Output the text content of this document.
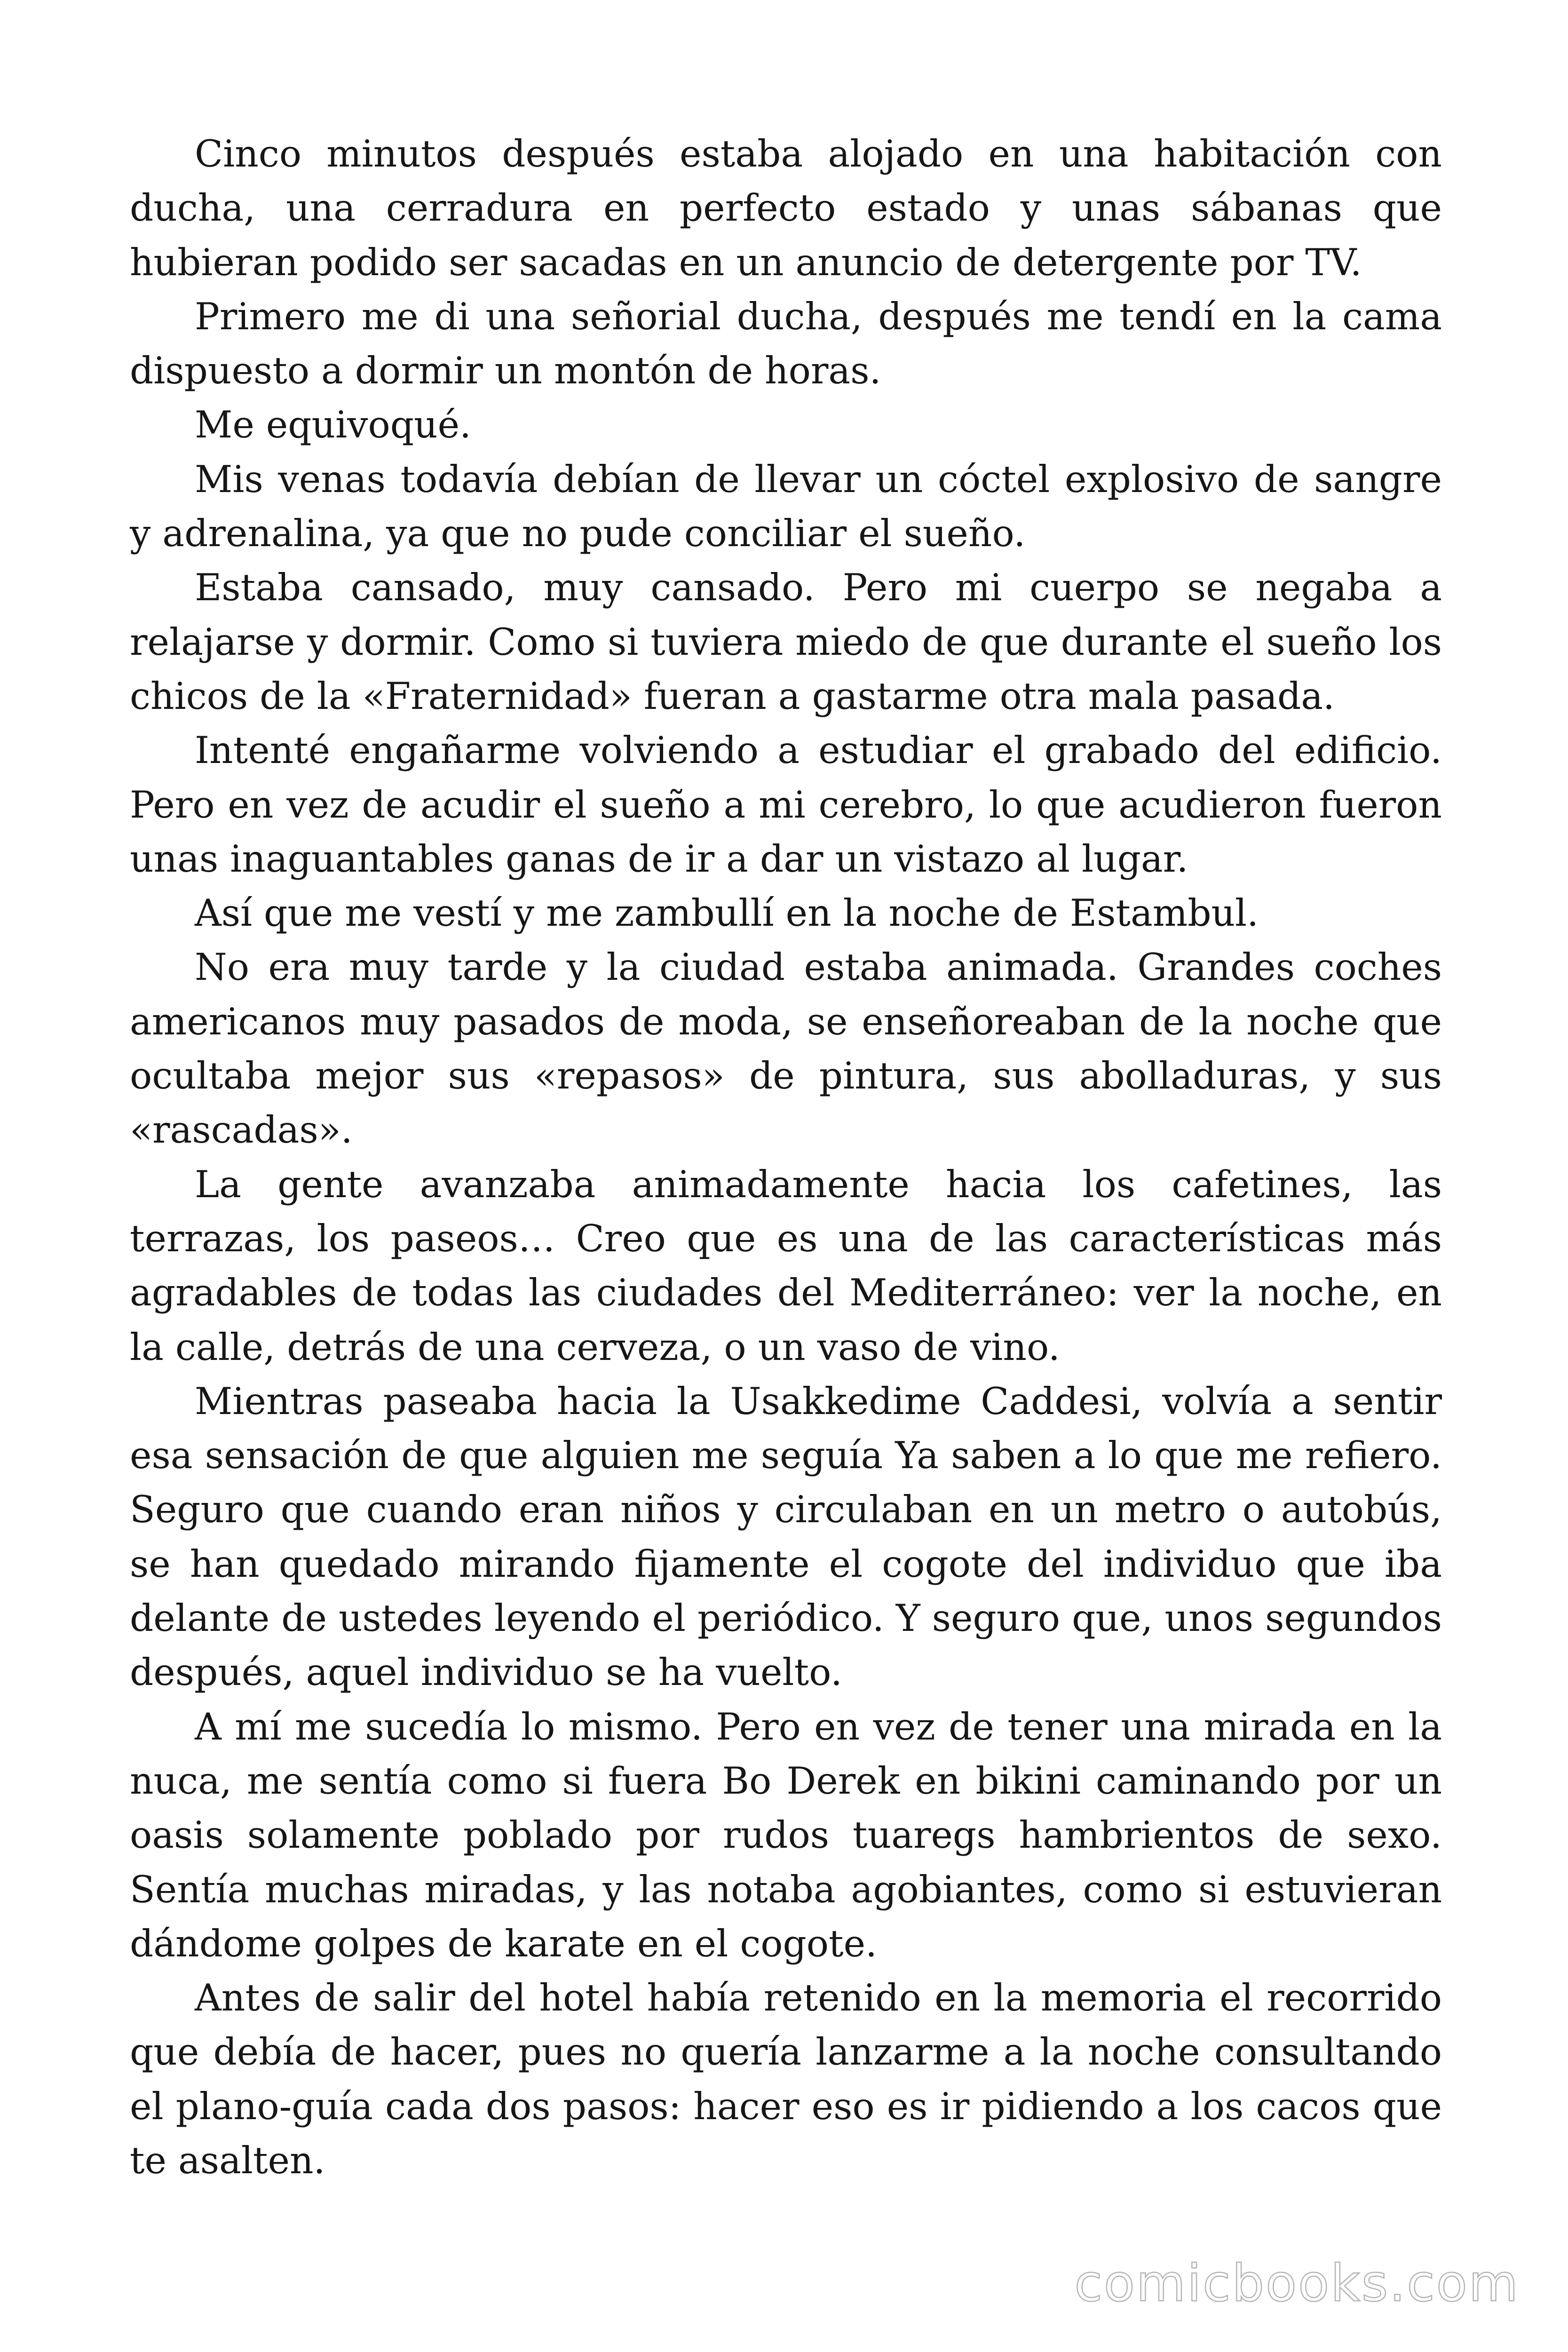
Cinco minutos después estaba alojado en una habitación con ducha, una cerradura en perfecto estado y unas sábanas que hubieran podido ser sacadas en un anuncio de detergente por TV.

Primero me di una señorial ducha, después me tendí en la cama dispuesto a dormir un montón de horas.

Me equivoqué.

Mis venas todavía debían de llevar un cóctel explosivo de sangre y adrenalina, ya que no pude conciliar el sueño.

Estaba cansado, muy cansado. Pero mi cuerpo se negaba a relajarse y dormir. Como si tuviera miedo de que durante el sueño los chicos de la «Fraternidad» fueran a gastarme otra mala pasada.

Intenté engañarme volviendo a estudiar el grabado del edificio. Pero en vez de acudir el sueño a mi cerebro, lo que acudieron fueron unas inaguantables ganas de ir a dar un vistazo al lugar.

Así que me vestí y me zambullí en la noche de Estambul.

No era muy tarde y la ciudad estaba animada. Grandes coches americanos muy pasados de moda, se enseñoreaban de la noche que ocultaba mejor sus «repasos» de pintura, sus abolladuras, y sus «rascadas».

La gente avanzaba animadamente hacia los cafetines, las terrazas, los paseos… Creo que es una de las características más agradables de todas las ciudades del Mediterráneo: ver la noche, en la calle, detrás de una cerveza, o un vaso de vino.

Mientras paseaba hacia la Usakkedime Caddesi, volvía a sentir esa sensación de que alguien me seguía Ya saben a lo que me refiero. Seguro que cuando eran niños y circulaban en un metro o autobús, se han quedado mirando fijamente el cogote del individuo que iba delante de ustedes leyendo el periódico. Y seguro que, unos segundos después, aquel individuo se ha vuelto.

A mí me sucedía lo mismo. Pero en vez de tener una mirada en la nuca, me sentía como si fuera Bo Derek en bikini caminando por un oasis solamente poblado por rudos tuaregs hambrientos de sexo. Sentía muchas miradas, y las notaba agobiantes, como si estuvieran dándome golpes de karate en el cogote.

Antes de salir del hotel había retenido en la memoria el recorrido que debía de hacer, pues no quería lanzarme a la noche consultando el plano-guía cada dos pasos: hacer eso es ir pidiendo a los cacos que te asalten.

comicbooks.com
